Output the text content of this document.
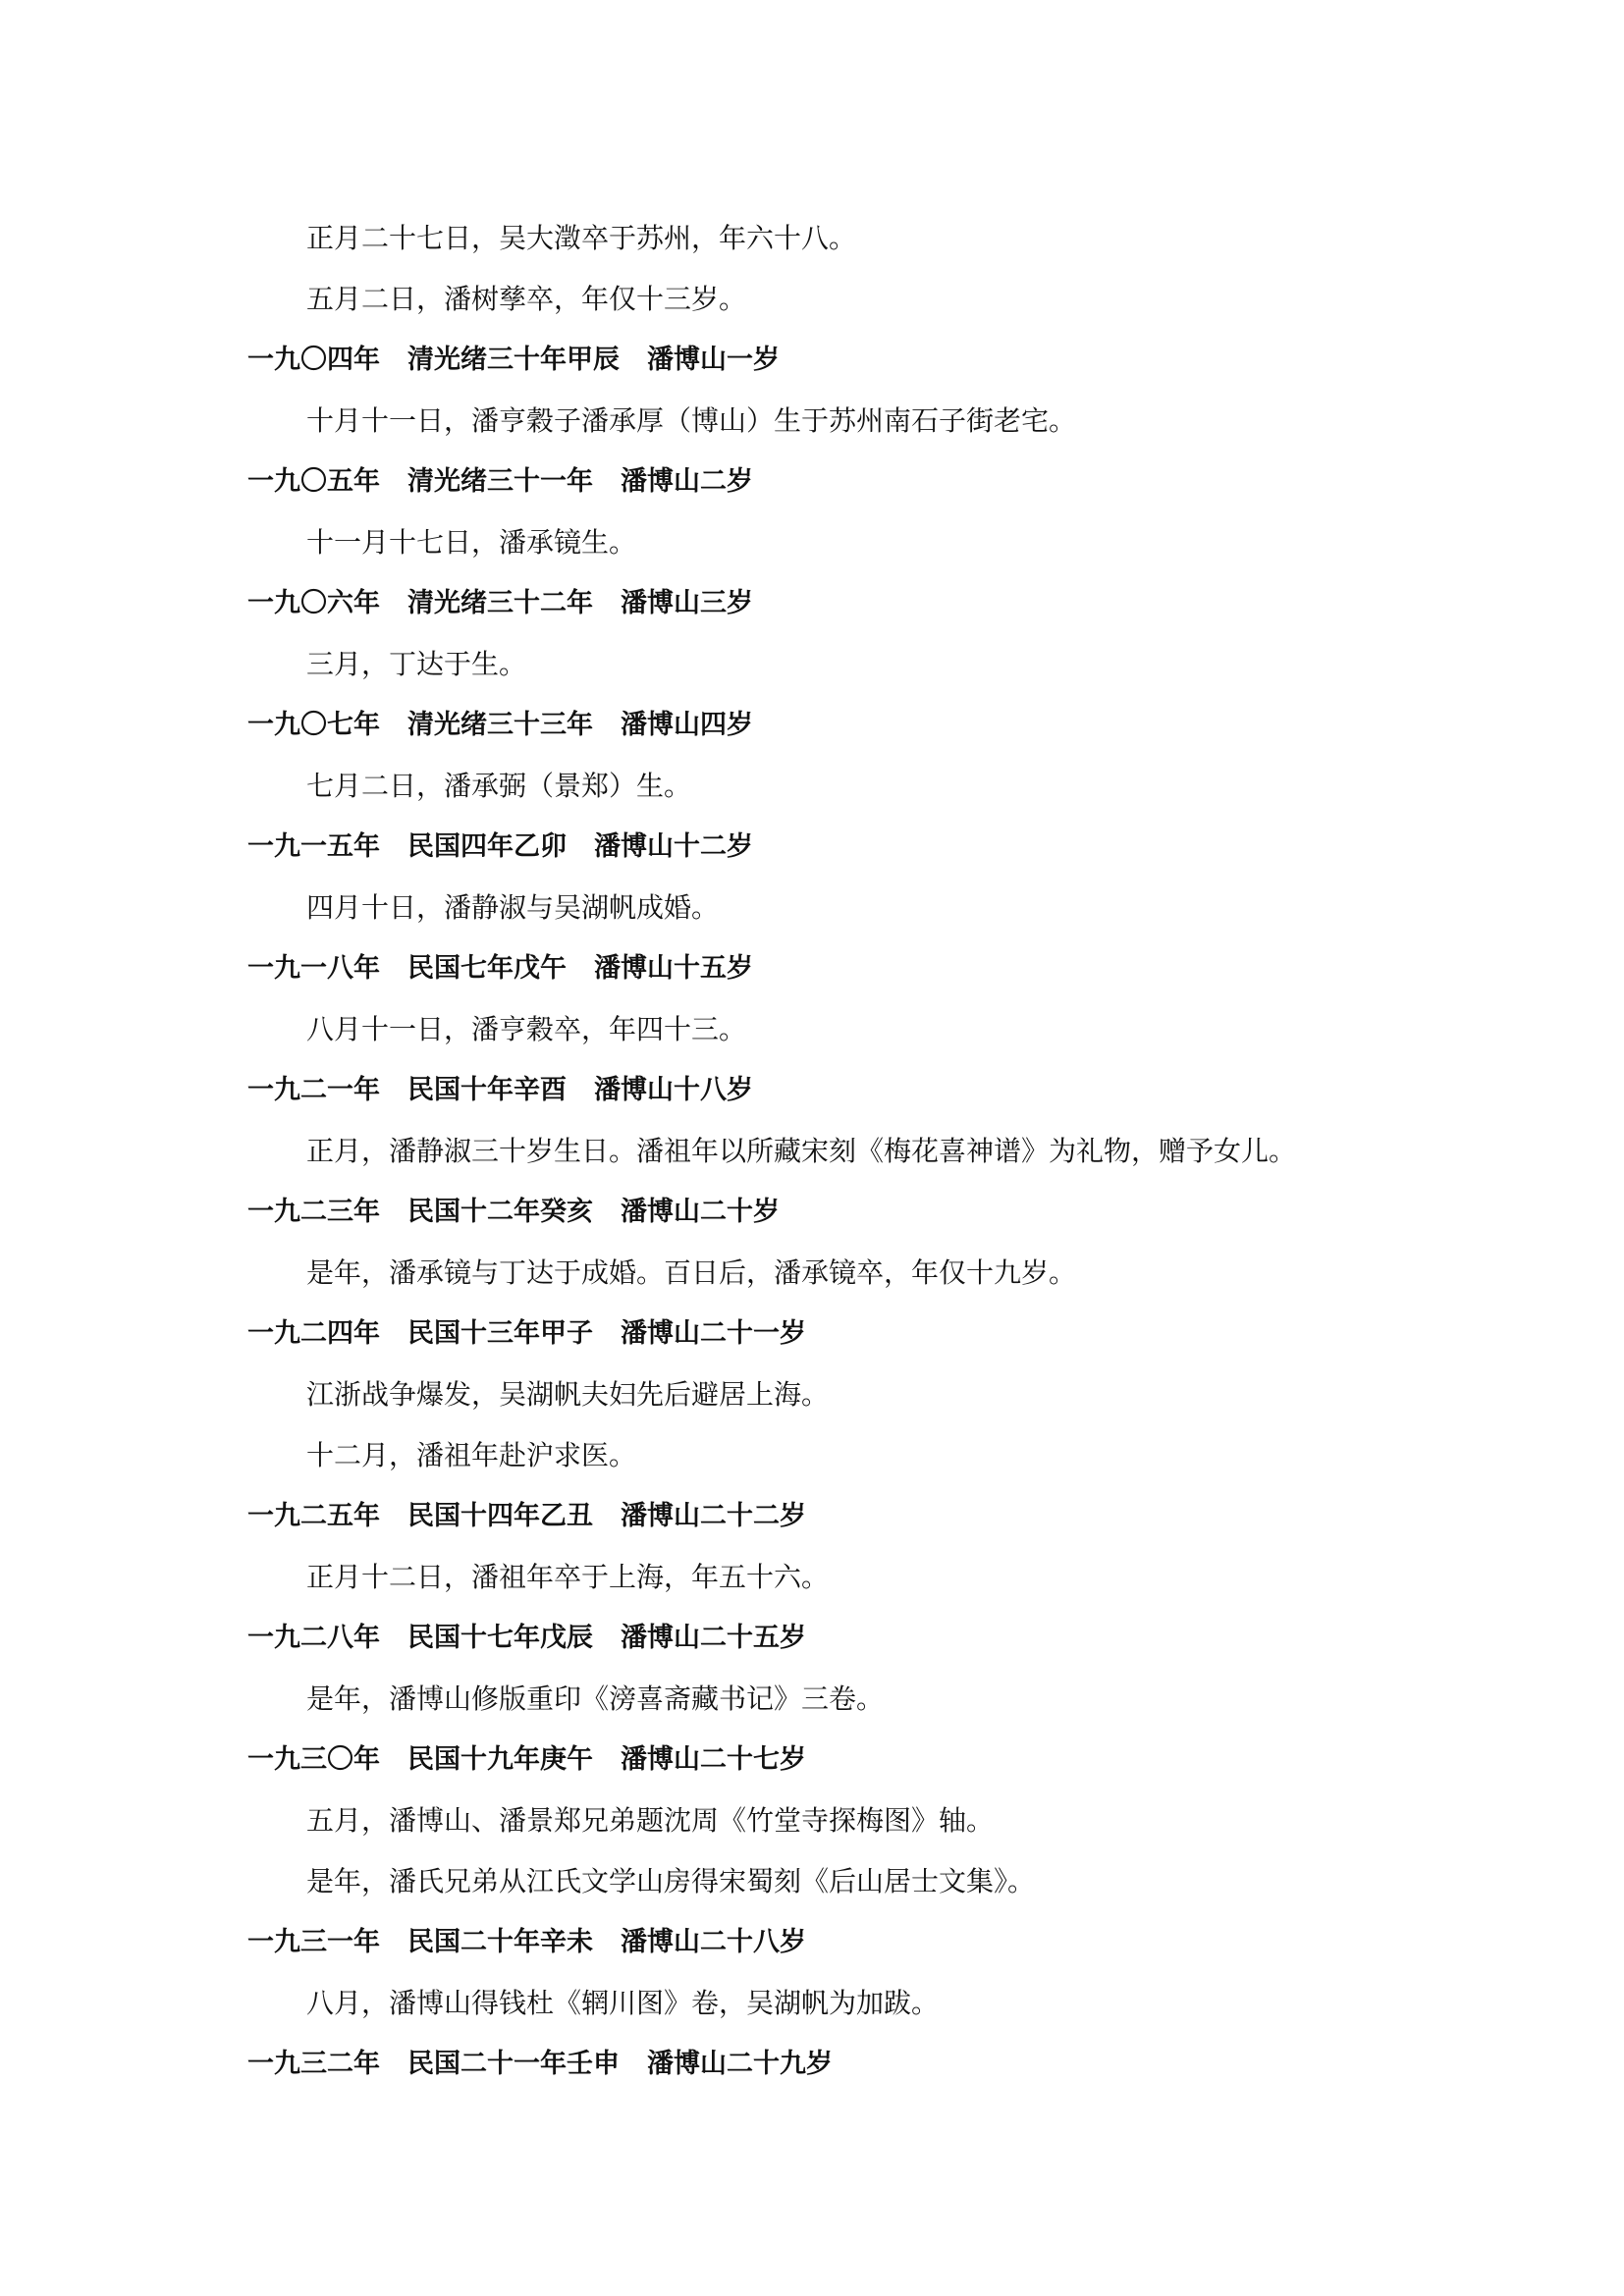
正月二十七日，吴大澂卒于苏州，年六十八。
五月二日，潘树孳卒，年仅十三岁。
一九〇四年 清光绪三十年甲辰 潘博山一岁
十月十一日，潘亨穀子潘承厚（博山）生于苏州南石子街老宅。
一九〇五年 清光绪三十一年 潘博山二岁
十一月十七日，潘承镜生。
一九〇六年 清光绪三十二年 潘博山三岁
三月，丁达于生。
一九〇七年 清光绪三十三年 潘博山四岁
七月二日，潘承弼（景郑）生。
一九一五年 民国四年乙卯 潘博山十二岁
四月十日，潘静淑与吴湖帆成婚。
一九一八年 民国七年戊午 潘博山十五岁
八月十一日，潘亨穀卒，年四十三。
一九二一年 民国十年辛酉 潘博山十八岁
正月，潘静淑三十岁生日。潘祖年以所藏宋刻《梅花喜神谱》为礼物，赠予女儿。
一九二三年 民国十二年癸亥 潘博山二十岁
是年，潘承镜与丁达于成婚。百日后，潘承镜卒，年仅十九岁。
一九二四年 民国十三年甲子 潘博山二十一岁
江浙战争爆发，吴湖帆夫妇先后避居上海。
十二月，潘祖年赴沪求医。
一九二五年 民国十四年乙丑 潘博山二十二岁
正月十二日，潘祖年卒于上海，年五十六。
一九二八年 民国十七年戊辰 潘博山二十五岁
是年，潘博山修版重印《滂喜斋藏书记》三卷。
一九三〇年 民国十九年庚午 潘博山二十七岁
五月，潘博山、潘景郑兄弟题沈周《竹堂寺探梅图》轴。
是年，潘氏兄弟从江氏文学山房得宋蜀刻《后山居士文集》。
一九三一年 民国二十年辛未 潘博山二十八岁
八月，潘博山得钱杜《辋川图》卷，吴湖帆为加跋。
一九三二年 民国二十一年壬申 潘博山二十九岁
